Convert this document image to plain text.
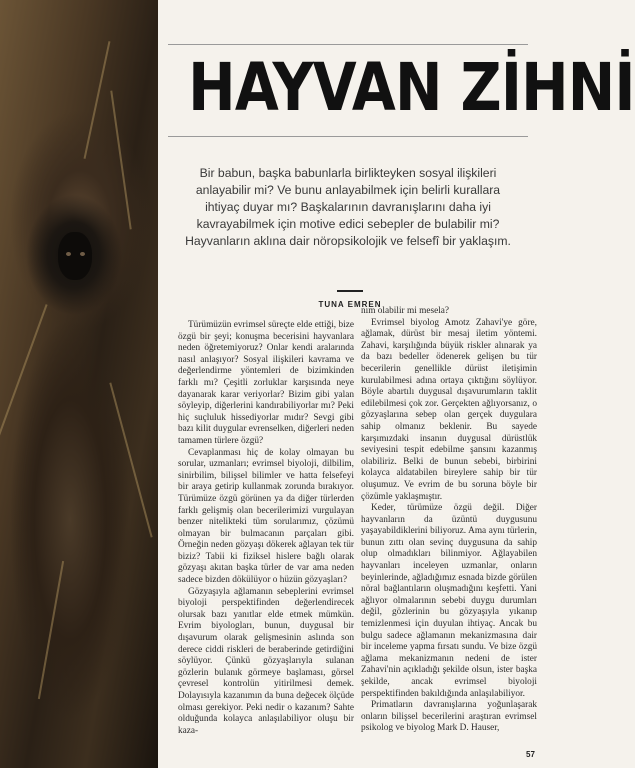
HAYVAN ZİHNİ

Bir babun, başka babunlarla birlikteyken sosyal ilişkileri anlayabilir mi? Ve bunu anlayabilmek için belirli kurallara ihtiyaç duyar mı? Başkalarının davranışlarını daha iyi kavrayabilmek için motive edici sebepler de bulabilir mi? Hayvanların aklına dair nöropsikolojik ve felsefî bir yaklaşım.

TUNA EMREN

Türümüzün evrimsel süreçte elde ettiği, bize özgü bir şeyi; konuşma becerisini hayvanlara neden öğretemiyoruz? Onlar kendi aralarında nasıl anlaşıyor? Sosyal ilişkileri kavrama ve değerlendirme yöntemleri de bizimkinden farklı mı? Çeşitli zorluklar karşısında neye dayanarak karar veriyorlar? Bizim gibi yalan söyleyip, diğerlerini kandırabiliyorlar mı? Peki hiç suçluluk hissediyorlar mıdır? Sevgi gibi bazı kilit duygular evrenselken, diğerleri neden tamamen türlere özgü?

Cevaplanması hiç de kolay olmayan bu sorular, uzmanları; evrimsel biyoloji, dilbilim, sinirbilim, bilişsel bilimler ve hatta felsefeyi bir araya getirip kullanmak zorunda bırakıyor. Türümüze özgü görünen ya da diğer türlerden farklı gelişmiş olan becerilerimizi vurgulayan benzer nitelikteki tüm sorularımız, çözümü olmayan bir bulmacanın parçaları gibi. Örneğin neden gözyaşı dökerek ağlayan tek tür biziz? Tabii ki fiziksel hislere bağlı olarak gözyaşı akıtan başka türler de var ama neden sadece bizden dökülüyor o hüzün gözyaşları?

Gözyaşıyla ağlamanın sebeplerini evrimsel biyoloji perspektifinden değerlendirecek olursak bazı yanıtlar elde etmek mümkün. Evrim biyologları, bunun, duygusal bir dışavurum olarak gelişmesinin aslında son derece ciddi riskleri de beraberinde getirdiğini söylüyor. Çünkü gözyaşlarıyla sulanan gözlerin bulanık görmeye başlaması, görsel çevresel kontrolün yitirilmesi demek. Dolayısıyla kazanımın da buna değecek ölçüde olması gerekiyor. Peki nedir o kazanım? Sahte olduğunda kolayca anlaşılabiliyor oluşu bir kaza-

nım olabilir mi mesela?

Evrimsel biyolog Amotz Zahavi'ye göre, ağlamak, dürüst bir mesaj iletim yöntemi. Zahavi, karşılığında büyük riskler alınarak ya da bazı bedeller ödenerek gelişen bu tür becerilerin genellikle dürüst iletişimin kurulabilmesi adına ortaya çıktığını söylüyor. Böyle abartılı duygusal dışavurumların taklit edilebilmesi çok zor. Gerçekten ağlıyorsanız, o gözyaşlarına sebep olan gerçek duygulara sahip olmanız beklenir. Bu sayede karşımızdaki insanın duygusal dürüstlük seviyesini tespit edebilme şansını kazanmış olabiliriz. Belki de bunun sebebi, birbirini kolayca aldatabilen bireylere sahip bir tür oluşumuz. Ve evrim de bu soruna böyle bir çözümle yaklaşmıştır.

Keder, türümüze özgü değil. Diğer hayvanların da üzüntü duygusunu yaşayabildiklerini biliyoruz. Ama aynı türlerin, bunun zıttı olan sevinç duygusuna da sahip olup olmadıkları bilinmiyor. Ağlayabilen hayvanları inceleyen uzmanlar, onların beyinlerinde, ağladığımız esnada bizde görülen nöral bağlantıların oluşmadığını keşfetti. Yani ağlıyor olmalarının sebebi duygu durumları değil, gözlerinin bu gözyaşıyla yıkanıp temizlenmesi için duyulan ihtiyaç. Ancak bu bulgu sadece ağlamanın mekanizmasına dair bir inceleme yapma fırsatı sundu. Ve bize özgü ağlama mekanizmanın nedeni de ister Zahavi'nin açıkladığı şekilde olsun, ister başka şekilde, ancak evrimsel biyoloji perspektifinden bakıldığında anlaşılabiliyor.

Primatların davranışlarına yoğunlaşarak onların bilişsel becerilerini araştıran evrimsel psikolog ve biyolog Mark D. Hauser,

57
